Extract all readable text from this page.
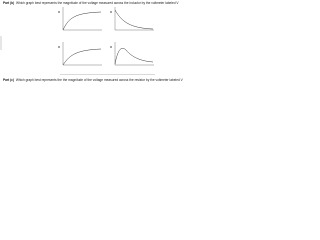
Part (b) Which graph best represents the magnitude of the voltage measured across the inductor by the voltmeter labeled V
Part (c) Which graph best represents the the magnitude of the voltage measured across the resistor by the voltmeter labeled V
